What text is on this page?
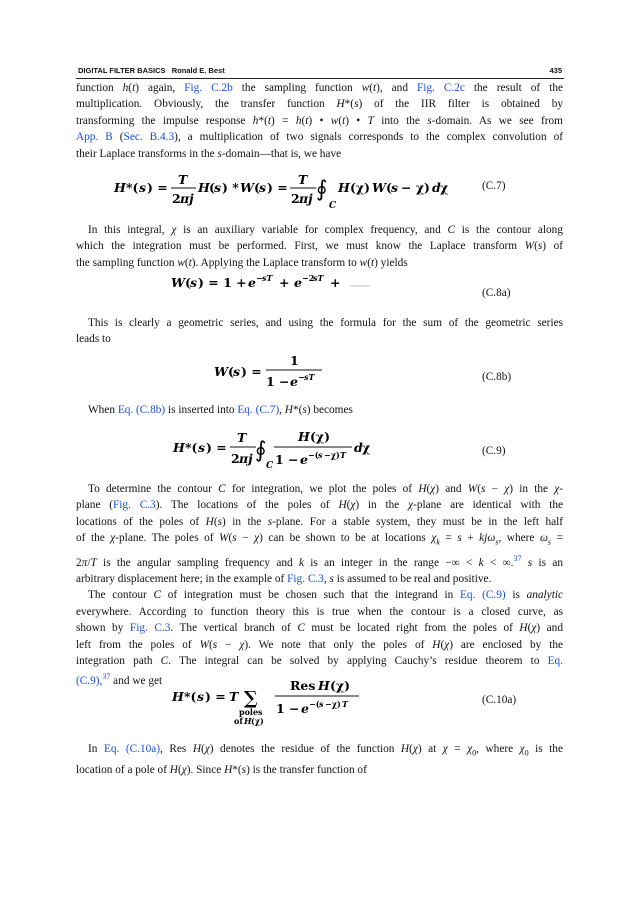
DIGITAL FILTER BASICS Ronald E. Best	435
function h(t) again, Fig. C.2b the sampling function w(t), and Fig. C.2c the result of the
multiplication. Obviously, the transfer function H*(s) of the IIR filter is obtained by
transforming the impulse response h*(t) = h(t) • w(t) • T into the s-domain. As we see from
App. B (Sec. B.4.3), a multiplication of two signals corresponds to the complex convolution of
their Laplace transforms in the s-domain—that is, we have
H *( s ) =
T
2 πj
H ( s ) * W ( s ) =
T
2 πj ∮
C
H (χ) W ( s − χ) d χ	(C.7)
In this integral, χ is an auxiliary variable for complex frequency, and C is the contour along
which the integration must be performed. First, we must know the Laplace transform W(s) of
the sampling function w(t). Applying the Laplace transform to w(t) yields
W ( s ) = 1 + e − sT + e −2
sT +
(C.8a)
This is clearly a geometric series, and using the formula for the sum of the geometric series
leads to
W ( s ) =
1
1 − e − sT	(C.8b)
When Eq. (C.8b) is inserted into Eq. (C.7), H*(s) becomes
H *( s ) =
T
2 πj ∮
C
H (χ)
1 − e −( s −χ) T d χ	(C.9)
To determine the contour C for integration, we plot the poles of H(χ) and W(s − χ) in the χ-
plane (Fig. C.3). The locations of the poles of H(χ) in the χ-plane are identical with the
locations of the poles of H(s) in the s-plane. For a stable system, they must be in the left half
of the χ-plane. The poles of W(s − χ) can be shown to be at locations $\chi_k = s + kj\omega_s$, where $\omega_s$ =
2π/T is the angular sampling frequency and k is an integer in the range −∞ < k < ∞.$^{37}$ s is an
arbitrary displacement here; in the example of Fig. C.3, s is assumed to be real and positive.
The contour C of integration must be chosen such that the integrand in Eq. (C.9) is analytic
everywhere. According to function theory this is true when the contour is a closed curve, as
shown by Fig. C.3. The vertical branch of C must be located right from the poles of H(χ) and
left from the poles of W(s − χ). We note that only the poles of H(χ) are enclosed by the
integration path C. The integral can be solved by applying Cauchy’s residue theorem to Eq.
(C.9),$^{37}$ and we get
H *( s ) = T ∑
poles
of H (χ)
Res H (χ)
1 − e −( s −χ) T	(C.10a)
In Eq. (C.10a), Res H(χ) denotes the residue of the function H(χ) at $\chi = \chi_0$, where $\chi_0$ is the
location of a pole of H(χ). Since H*(s) is the transfer function of
